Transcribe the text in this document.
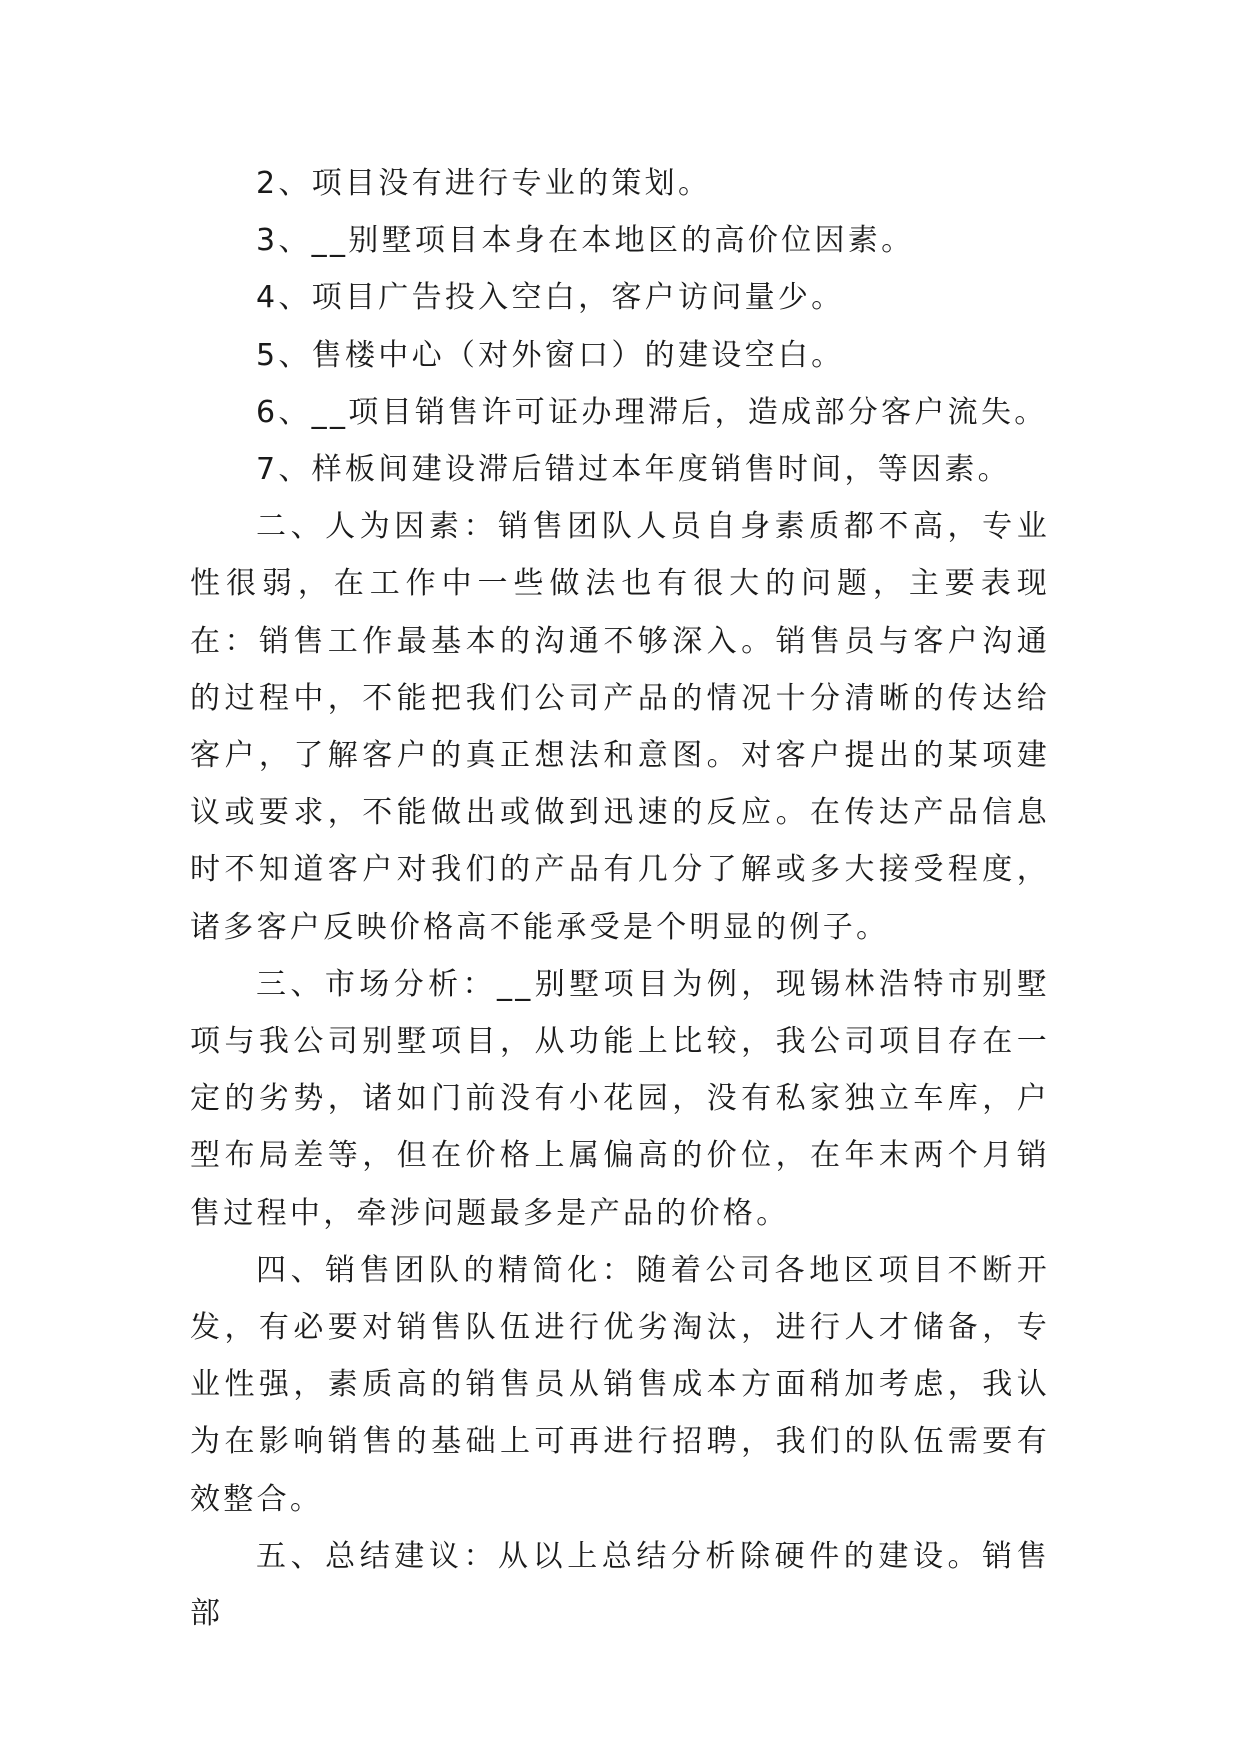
2、项目没有进行专业的策划。

3、__别墅项目本身在本地区的高价位因素。

4、项目广告投入空白，客户访问量少。

5、售楼中心（对外窗口）的建设空白。

6、__项目销售许可证办理滞后，造成部分客户流失。

7、样板间建设滞后错过本年度销售时间，等因素。

二、人为因素：销售团队人员自身素质都不高，专业性很弱，在工作中一些做法也有很大的问题，主要表现在：销售工作最基本的沟通不够深入。销售员与客户沟通的过程中，不能把我们公司产品的情况十分清晰的传达给客户，了解客户的真正想法和意图。对客户提出的某项建议或要求，不能做出或做到迅速的反应。在传达产品信息时不知道客户对我们的产品有几分了解或多大接受程度，诸多客户反映价格高不能承受是个明显的例子。

三、市场分析：__别墅项目为例，现锡林浩特市别墅项与我公司别墅项目，从功能上比较，我公司项目存在一定的劣势，诸如门前没有小花园，没有私家独立车库，户型布局差等，但在价格上属偏高的价位，在年末两个月销售过程中，牵涉问题最多是产品的价格。

四、销售团队的精简化：随着公司各地区项目不断开发，有必要对销售队伍进行优劣淘汰，进行人才储备，专业性强，素质高的销售员从销售成本方面稍加考虑，我认为在影响销售的基础上可再进行招聘，我们的队伍需要有效整合。

五、总结建议：从以上总结分析除硬件的建设。销售部
